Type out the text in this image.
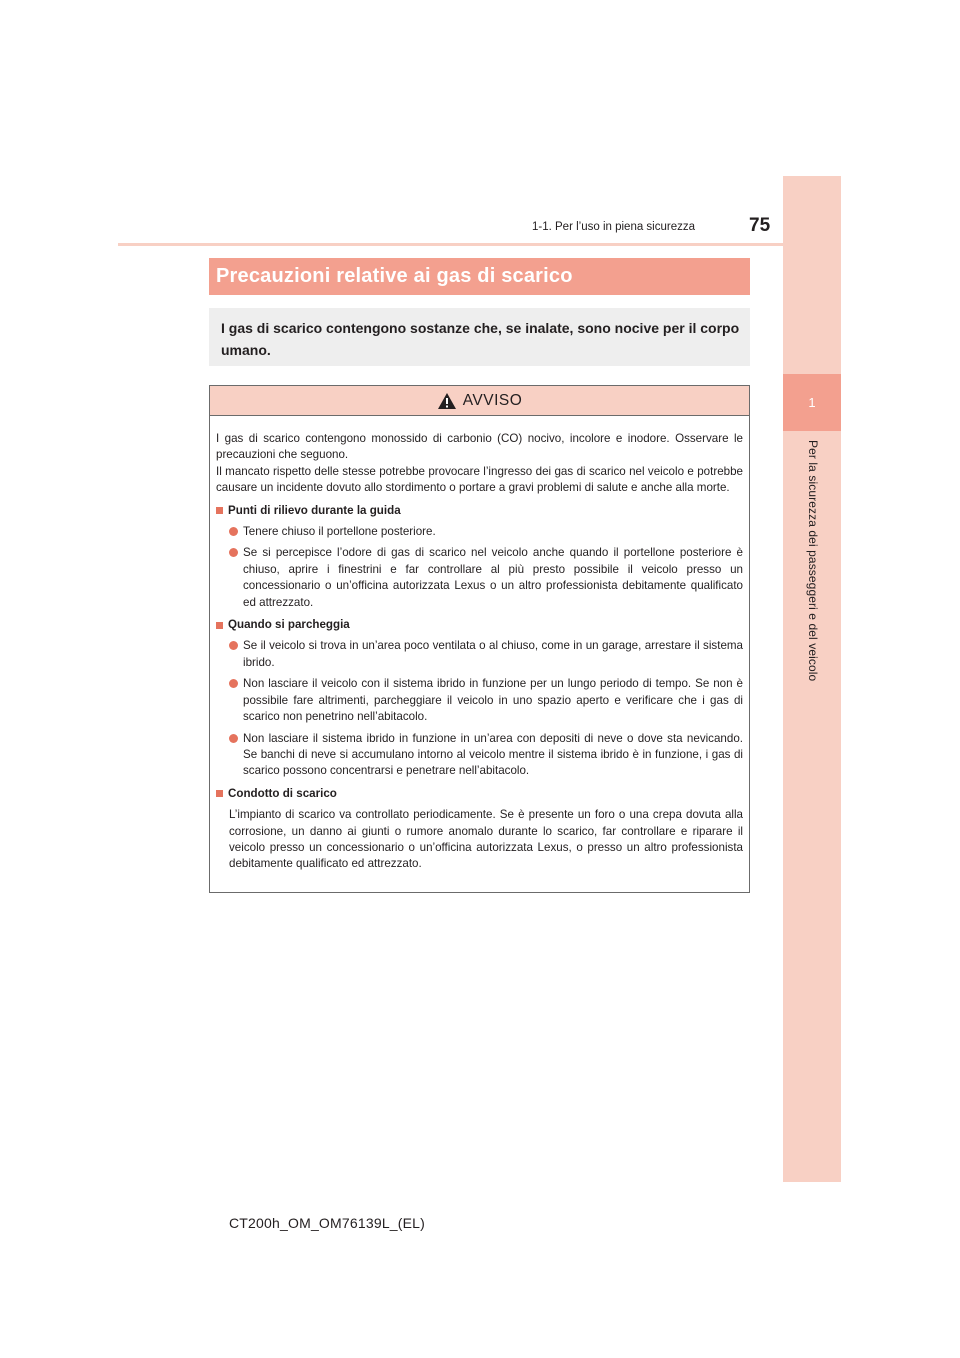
1
Per la sicurezza dei passeggeri e del veicolo
1-1. Per l’uso in piena sicurezza	75
Precauzioni relative ai gas di scarico
I gas di scarico contengono sostanze che, se inalate, sono nocive per il corpo umano.
AVVISO

I gas di scarico contengono monossido di carbonio (CO) nocivo, incolore e inodore. Osservare le precauzioni che seguono.

Il mancato rispetto delle stesse potrebbe provocare l’ingresso dei gas di scarico nel veicolo e potrebbe causare un incidente dovuto allo stordimento o portare a gravi problemi di salute e anche alla morte.

Punti di rilievo durante la guida
Tenere chiuso il portellone posteriore.
Se si percepisce l’odore di gas di scarico nel veicolo anche quando il portellone posteriore è chiuso, aprire i finestrini e far controllare al più presto possibile il veicolo presso un concessionario o un’officina autorizzata Lexus o un altro professionista debitamente qualificato ed attrezzato.
Quando si parcheggia
Se il veicolo si trova in un’area poco ventilata o al chiuso, come in un garage, arrestare il sistema ibrido.
Non lasciare il veicolo con il sistema ibrido in funzione per un lungo periodo di tempo. Se non è possibile fare altrimenti, parcheggiare il veicolo in uno spazio aperto e verificare che i gas di scarico non penetrino nell’abitacolo.
Non lasciare il sistema ibrido in funzione in un’area con depositi di neve o dove sta nevicando. Se banchi di neve si accumulano intorno al veicolo mentre il sistema ibrido è in funzione, i gas di scarico possono concentrarsi e penetrare nell’abitacolo.
Condotto di scarico
L’impianto di scarico va controllato periodicamente. Se è presente un foro o una crepa dovuta alla corrosione, un danno ai giunti o rumore anomalo durante lo scarico, far controllare e riparare il veicolo presso un concessionario o un’officina autorizzata Lexus, o presso un altro professionista debitamente qualificato ed attrezzato.
CT200h_OM_OM76139L_(EL)
